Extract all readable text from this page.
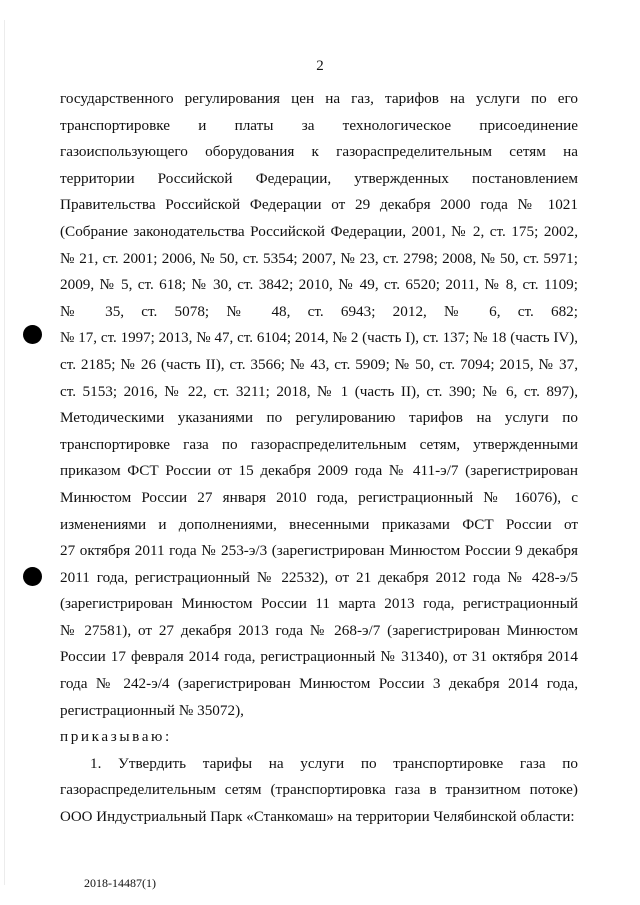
2
государственного регулирования цен на газ, тарифов на услуги по его
транспортировке и платы за технологическое присоединение
газоиспользующего оборудования к газораспределительным сетям на
территории Российской Федерации, утвержденных постановлением
Правительства Российской Федерации от 29 декабря 2000 года № 1021
(Собрание законодательства Российской Федерации, 2001, № 2, ст. 175; 2002,
№ 21, ст. 2001; 2006, № 50, ст. 5354; 2007, № 23, ст. 2798; 2008, № 50, ст. 5971;
2009, № 5, ст. 618; № 30, ст. 3842; 2010, № 49, ст. 6520; 2011, № 8, ст. 1109;
№ 35, ст. 5078; № 48, ст. 6943; 2012, № 6, ст. 682;
№ 17, ст. 1997; 2013, № 47, ст. 6104; 2014, № 2 (часть I), ст. 137; № 18 (часть IV),
ст. 2185; № 26 (часть II), ст. 3566; № 43, ст. 5909; № 50, ст. 7094; 2015, № 37,
ст. 5153; 2016, № 22, ст. 3211; 2018, № 1 (часть II), ст. 390; № 6, ст. 897),
Методическими указаниями по регулированию тарифов на услуги по
транспортировке газа по газораспределительным сетям, утвержденными
приказом ФСТ России от 15 декабря 2009 года № 411-э/7 (зарегистрирован
Минюстом России 27 января 2010 года, регистрационный № 16076), с
изменениями и дополнениями, внесенными приказами ФСТ России от
27 октября 2011 года № 253-э/3 (зарегистрирован Минюстом России 9 декабря
2011 года, регистрационный № 22532), от 21 декабря 2012 года № 428-э/5
(зарегистрирован Минюстом России 11 марта 2013 года, регистрационный
№ 27581), от 27 декабря 2013 года № 268-э/7 (зарегистрирован Минюстом
России 17 февраля 2014 года, регистрационный № 31340), от 31 октября 2014
года № 242-э/4 (зарегистрирован Минюстом России 3 декабря 2014 года,
регистрационный № 35072),
приказываю:
1. Утвердить тарифы на услуги по транспортировке газа по
газораспределительным сетям (транспортировка газа в транзитном потоке)
ООО Индустриальный Парк «Станкомаш» на территории Челябинской области:
2018-14487(1)
